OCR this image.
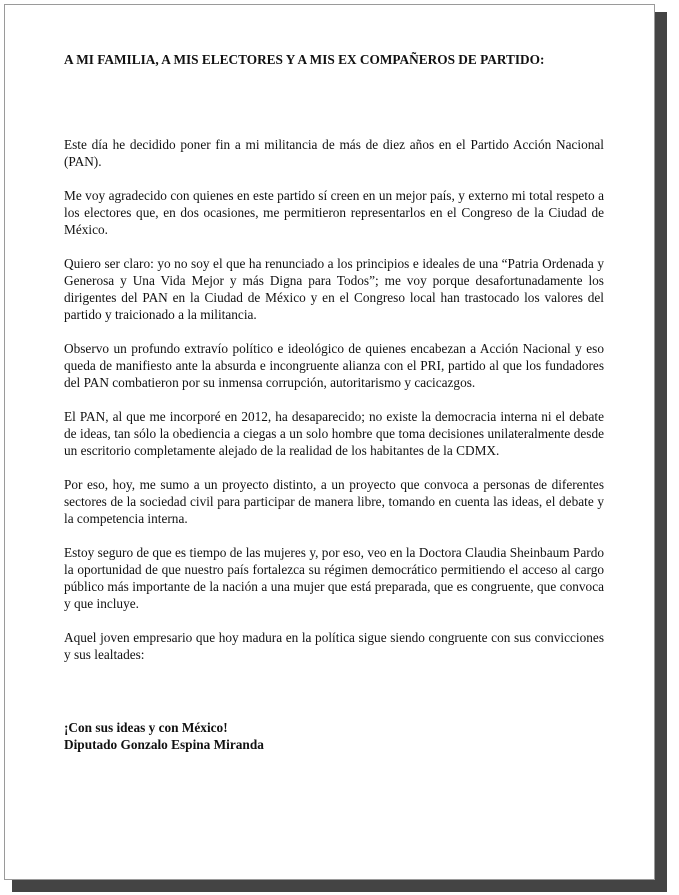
A MI FAMILIA, A MIS ELECTORES Y A MIS EX COMPAÑEROS DE PARTIDO:

Este día he decidido poner fin a mi militancia de más de diez años en el Partido Acción Nacional (PAN).

Me voy agradecido con quienes en este partido sí creen en un mejor país, y externo mi total respeto a los electores que, en dos ocasiones, me permitieron representarlos en el Congreso de la Ciudad de México.

Quiero ser claro: yo no soy el que ha renunciado a los principios e ideales de una “Patria Ordenada y Generosa y Una Vida Mejor y más Digna para Todos”; me voy porque desafortunadamente los dirigentes del PAN en la Ciudad de México y en el Congreso local han trastocado los valores del partido y traicionado a la militancia.

Observo un profundo extravío político e ideológico de quienes encabezan a Acción Nacional y eso queda de manifiesto ante la absurda e incongruente alianza con el PRI, partido al que los fundadores del PAN combatieron por su inmensa corrupción, autoritarismo y cacicazgos.

El PAN, al que me incorporé en 2012, ha desaparecido; no existe la democracia interna ni el debate de ideas, tan sólo la obediencia a ciegas a un solo hombre que toma decisiones unilateralmente desde un escritorio completamente alejado de la realidad de los habitantes de la CDMX.

Por eso, hoy, me sumo a un proyecto distinto, a un proyecto que convoca a personas de diferentes sectores de la sociedad civil para participar de manera libre, tomando en cuenta las ideas, el debate y la competencia interna.

Estoy seguro de que es tiempo de las mujeres y, por eso, veo en la Doctora Claudia Sheinbaum Pardo la oportunidad de que nuestro país fortalezca su régimen democrático permitiendo el acceso al cargo público más importante de la nación a una mujer que está preparada, que es congruente, que convoca y que incluye.

Aquel joven empresario que hoy madura en la política sigue siendo congruente con sus convicciones y sus lealtades:

¡Con sus ideas y con México!

Diputado Gonzalo Espina Miranda
